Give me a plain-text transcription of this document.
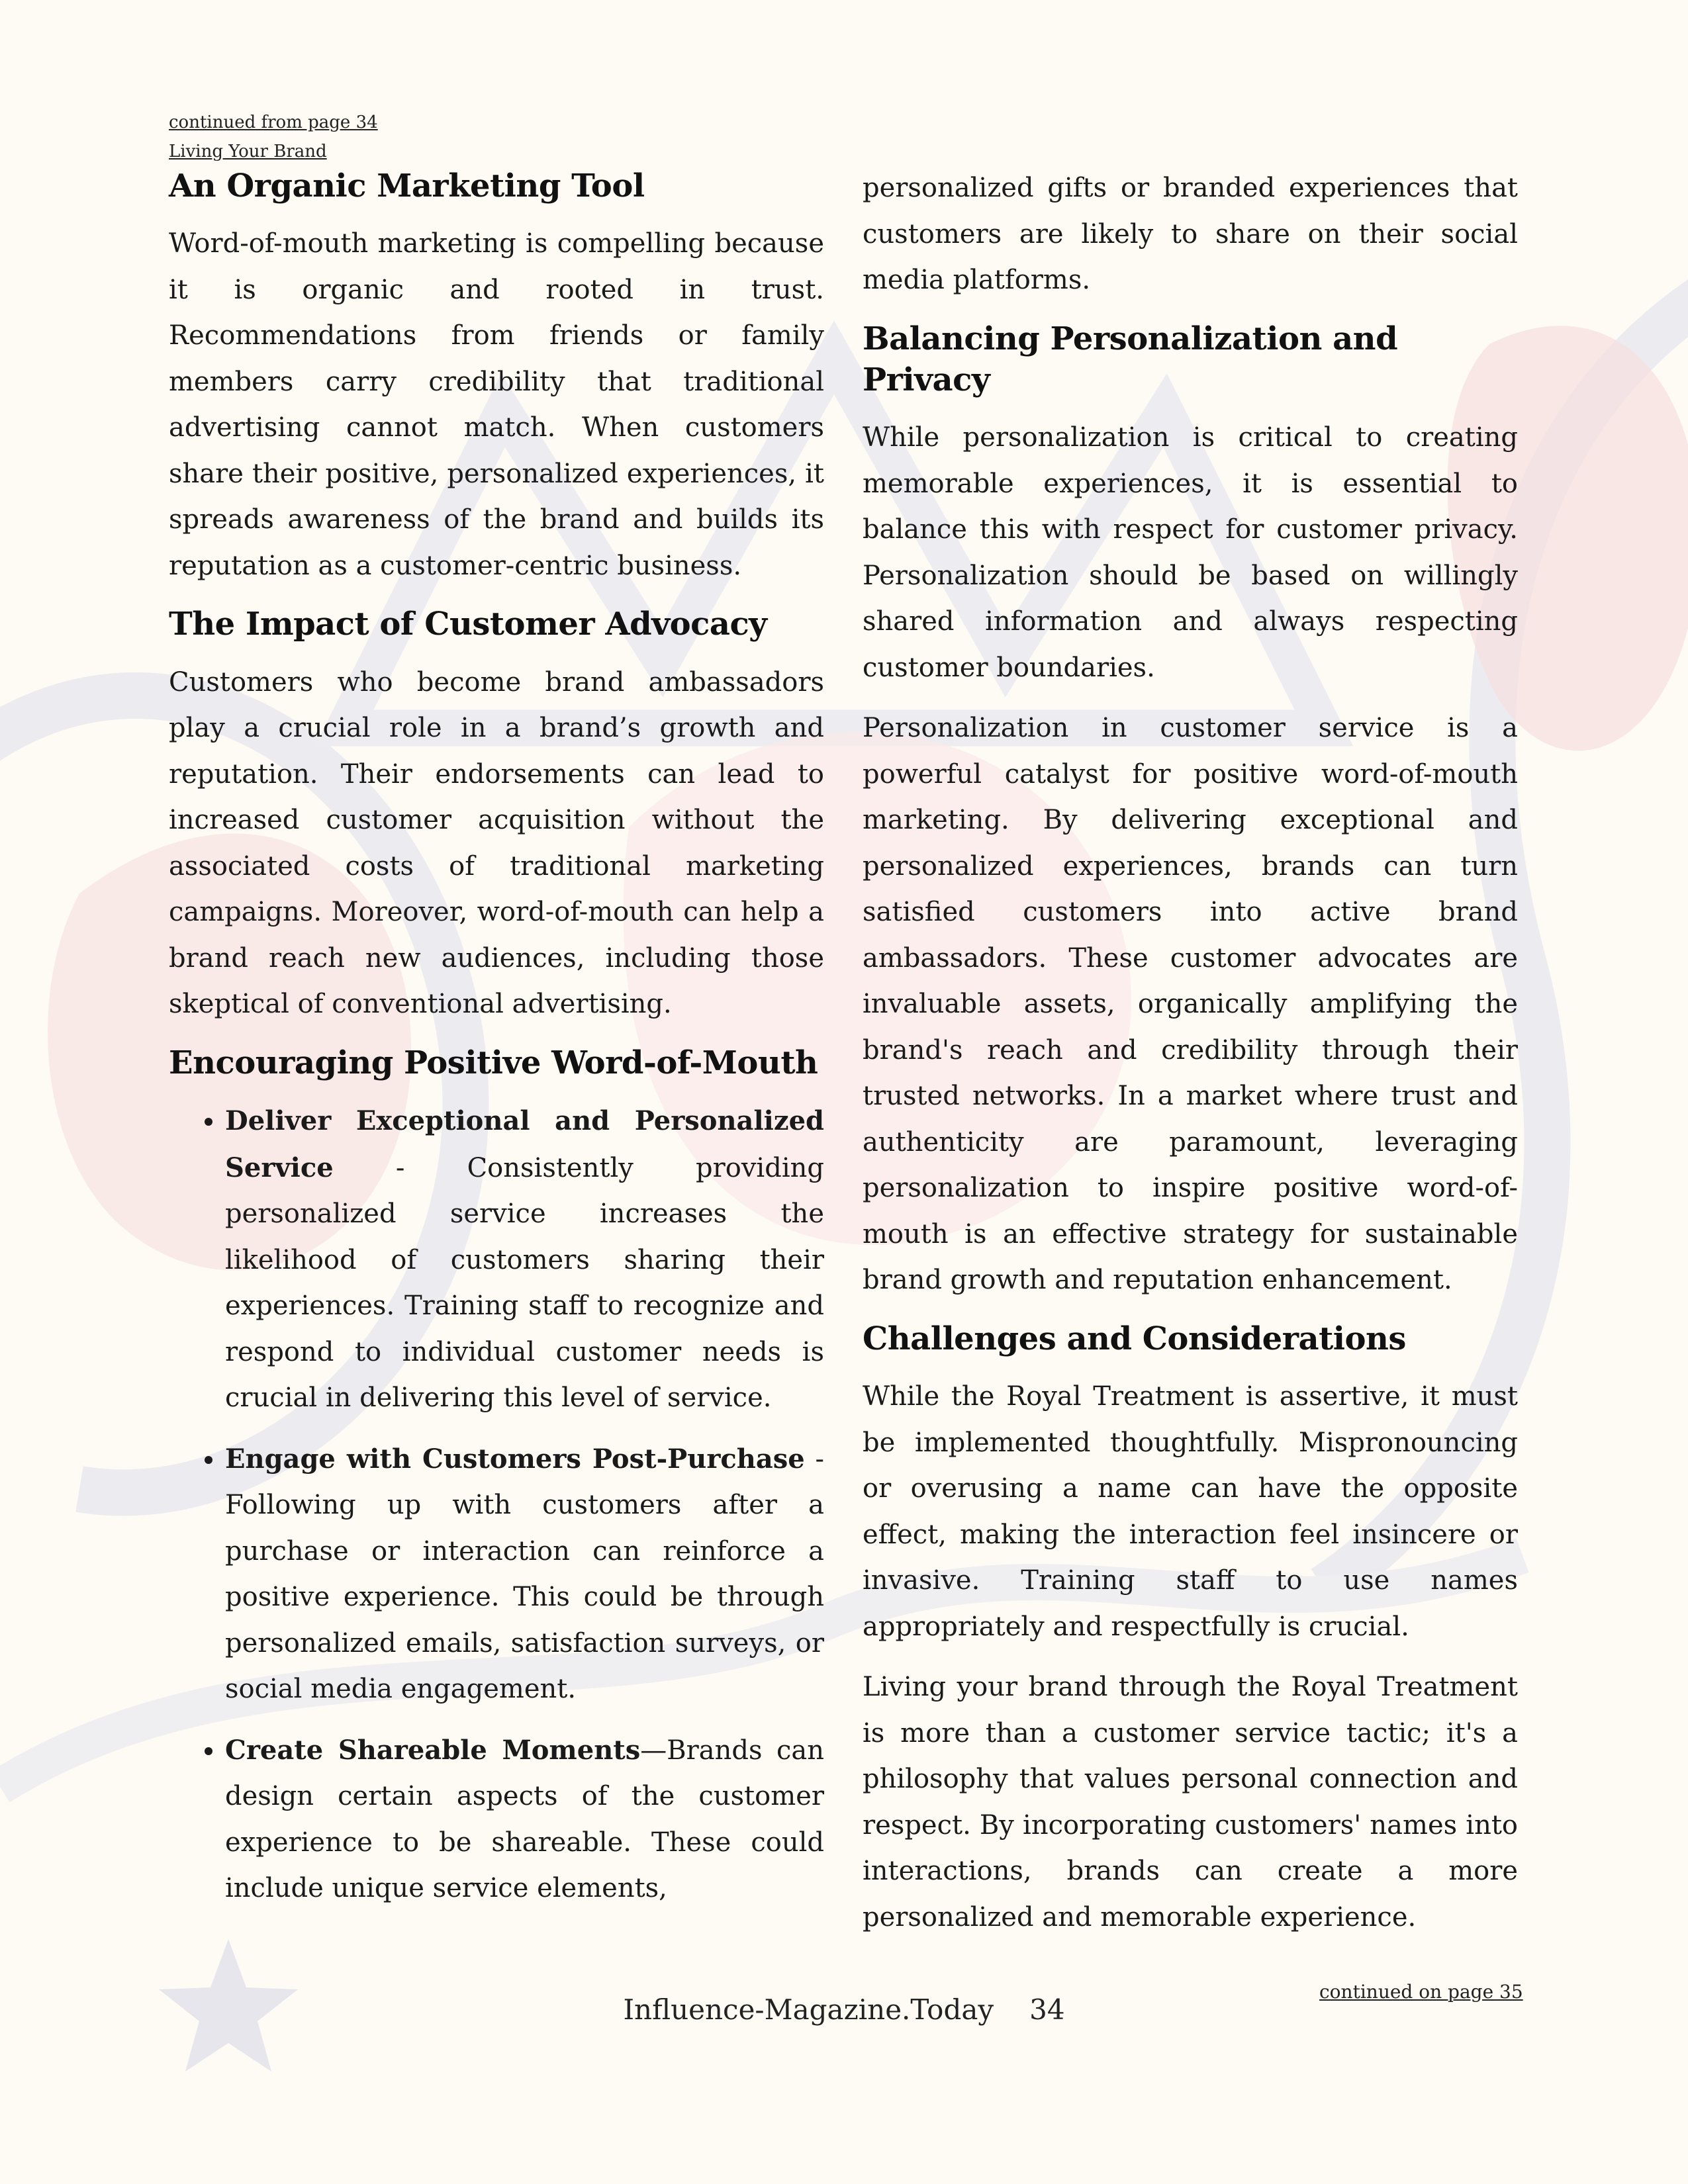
continued from page 34
Living Your Brand
An Organic Marketing Tool

Word-of-mouth marketing is compelling because it is organic and rooted in trust. Recommendations from friends or family members carry credibility that traditional advertising cannot match. When customers share their positive, personalized experiences, it spreads awareness of the brand and builds its reputation as a customer-centric business.

The Impact of Customer Advocacy

Customers who become brand ambassadors play a crucial role in a brand’s growth and reputation. Their endorsements can lead to increased customer acquisition without the associated costs of traditional marketing campaigns. Moreover, word-of-mouth can help a brand reach new audiences, including those skeptical of conventional advertising.

Encouraging Positive Word-of-Mouth
• Deliver Exceptional and Personalized Service - Consistently providing personalized service increases the likelihood of customers sharing their experiences. Training staff to recognize and respond to individual customer needs is crucial in delivering this level of service.
• Engage with Customers Post-Purchase - Following up with customers after a purchase or interaction can reinforce a positive experience. This could be through personalized emails, satisfaction surveys, or social media engagement.
• Create Shareable Moments—Brands can design certain aspects of the customer experience to be shareable. These could include unique service elements,

personalized gifts or branded experiences that customers are likely to share on their social media platforms.

Balancing Personalization and Privacy

While personalization is critical to creating memorable experiences, it is essential to balance this with respect for customer privacy. Personalization should be based on willingly shared information and always respecting customer boundaries.

Personalization in customer service is a powerful catalyst for positive word-of-mouth marketing. By delivering exceptional and personalized experiences, brands can turn satisfied customers into active brand ambassadors. These customer advocates are invaluable assets, organically amplifying the brand's reach and credibility through their trusted networks. In a market where trust and authenticity are paramount, leveraging personalization to inspire positive word-of-mouth is an effective strategy for sustainable brand growth and reputation enhancement.

Challenges and Considerations

While the Royal Treatment is assertive, it must be implemented thoughtfully. Mispronouncing or overusing a name can have the opposite effect, making the interaction feel insincere or invasive. Training staff to use names appropriately and respectfully is crucial.

Living your brand through the Royal Treatment is more than a customer service tactic; it's a philosophy that values personal connection and respect. By incorporating customers' names into interactions, brands can create a more personalized and memorable experience.

continued on page 35
Influence-Magazine.Today 34
